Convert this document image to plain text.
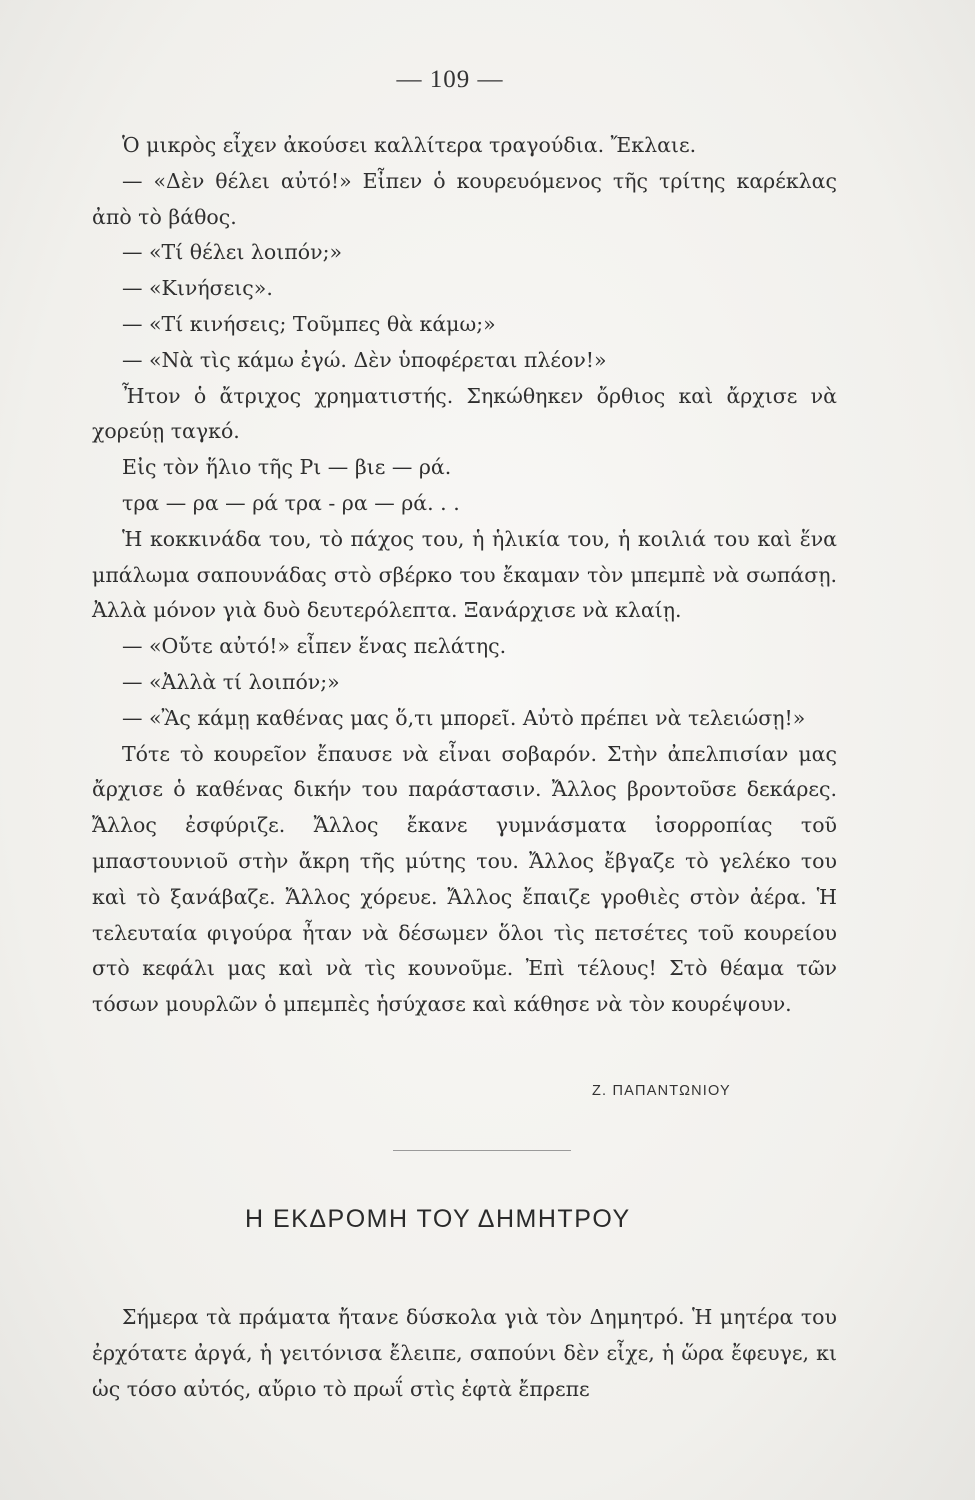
— 109 —

Ὁ μικρὸς εἶχεν ἀκούσει καλλίτερα τραγούδια. Ἔκλαιε.

— «Δὲν θέλει αὐτό!» Εἶπεν ὁ κουρευόμενος τῆς τρίτης καρέκλας ἀπὸ τὸ βάθος.

— «Τί θέλει λοιπόν;»

— «Κινήσεις».

— «Τί κινήσεις; Τοῦμπες θὰ κάμω;»

— «Νὰ τὶς κάμω ἐγώ. Δὲν ὑποφέρεται πλέον!»

Ἦτον ὁ ἄτριχος χρηματιστής. Σηκώθηκεν ὄρθιος καὶ ἄρχισε νὰ χορεύῃ ταγκό.

Εἰς τὸν ἥλιο τῆς Ρι — βιε — ρά.

τρα — ρα — ρά τρα - ρα — ρά. . .

Ἡ κοκκινάδα του, τὸ πάχος του, ἡ ἡλικία του, ἡ κοιλιά του καὶ ἕνα μπάλωμα σαπουνάδας στὸ σβέρκο του ἔκαμαν τὸν μπεμπὲ νὰ σωπάσῃ. Ἀλλὰ μόνον γιὰ δυὸ δευτερόλεπτα. Ξανάρχισε νὰ κλαίῃ.

— «Οὔτε αὐτό!» εἶπεν ἕνας πελάτης.

— «Ἀλλὰ τί λοιπόν;»

— «Ἂς κάμῃ καθένας μας ὅ,τι μπορεῖ. Αὐτὸ πρέπει νὰ τελειώσῃ!»

Τότε τὸ κουρεῖον ἔπαυσε νὰ εἶναι σοβαρόν. Στὴν ἀπελπισίαν μας ἄρχισε ὁ καθένας δικήν του παράστασιν. Ἄλλος βροντοῦσε δεκάρες. Ἄλλος ἐσφύριζε. Ἄλλος ἔκανε γυμνάσματα ἰσορροπίας τοῦ μπαστουνιοῦ στὴν ἄκρη τῆς μύτης του. Ἄλλος ἔβγαζε τὸ γελέκο του καὶ τὸ ξανάβαζε. Ἄλλος χόρευε. Ἄλλος ἔπαιζε γροθιὲς στὸν ἀέρα. Ἡ τελευταία φιγούρα ἦταν νὰ δέσωμεν ὅλοι τὶς πετσέτες τοῦ κουρείου στὸ κεφάλι μας καὶ νὰ τὶς κουνοῦμε. Ἐπὶ τέλους! Στὸ θέαμα τῶν τόσων μουρλῶν ὁ μπεμπὲς ἡσύχασε καὶ κάθησε νὰ τὸν κουρέψουν.

Ζ. ΠΑΠΑΝΤΩΝΙΟΥ
Η ΕΚΔΡΟΜΗ ΤΟΥ ΔΗΜΗΤΡΟΥ

Σήμερα τὰ πράματα ἤτανε δύσκολα γιὰ τὸν Δημητρό. Ἡ μητέρα του ἐρχότατε ἀργά, ἡ γειτόνισα ἔλειπε, σαπούνι δὲν εἶχε, ἡ ὥρα ἔφευγε, κι ὡς τόσο αὐτός, αὔριο τὸ πρωΐ στὶς ἑφτὰ ἔπρεπε
